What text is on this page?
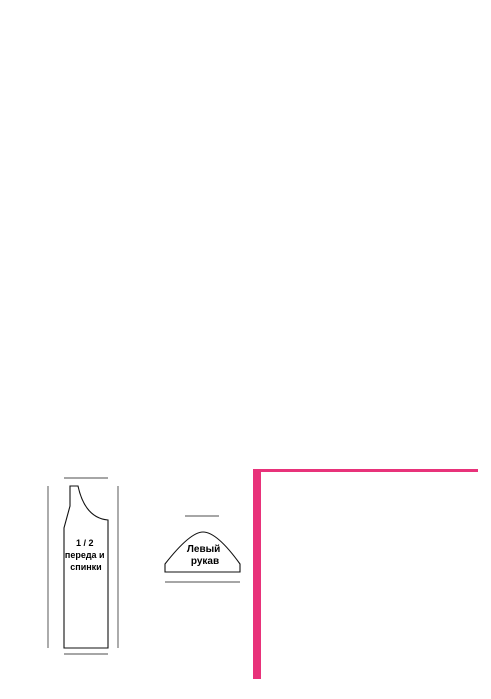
1 / 2 переда и спинки
Левый рукав
